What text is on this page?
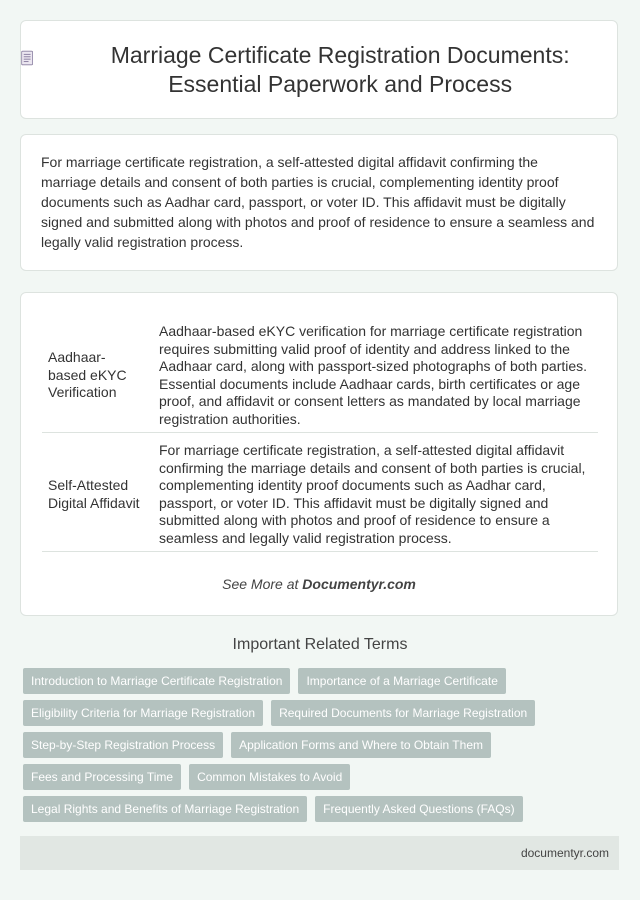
Marriage Certificate Registration Documents: Essential Paperwork and Process

For marriage certificate registration, a self-attested digital affidavit confirming the marriage details and consent of both parties is crucial, complementing identity proof documents such as Aadhar card, passport, or voter ID. This affidavit must be digitally signed and submitted along with photos and proof of residence to ensure a seamless and legally valid registration process.

Aadhaar-based eKYC Verification	Aadhaar-based eKYC verification for marriage certificate registration requires submitting valid proof of identity and address linked to the Aadhaar card, along with passport-sized photographs of both parties. Essential documents include Aadhaar cards, birth certificates or age proof, and affidavit or consent letters as mandated by local marriage registration authorities.
Self-Attested Digital Affidavit	For marriage certificate registration, a self-attested digital affidavit confirming the marriage details and consent of both parties is crucial, complementing identity proof documents such as Aadhar card, passport, or voter ID. This affidavit must be digitally signed and submitted along with photos and proof of residence to ensure a seamless and legally valid registration process.
See More at Documentyr.com
Important Related Terms
Introduction to Marriage Certificate Registration	Importance of a Marriage Certificate
Eligibility Criteria for Marriage Registration	Required Documents for Marriage Registration
Step-by-Step Registration Process	Application Forms and Where to Obtain Them
Fees and Processing Time	Common Mistakes to Avoid
Legal Rights and Benefits of Marriage Registration	Frequently Asked Questions (FAQs)
documentyr.com
